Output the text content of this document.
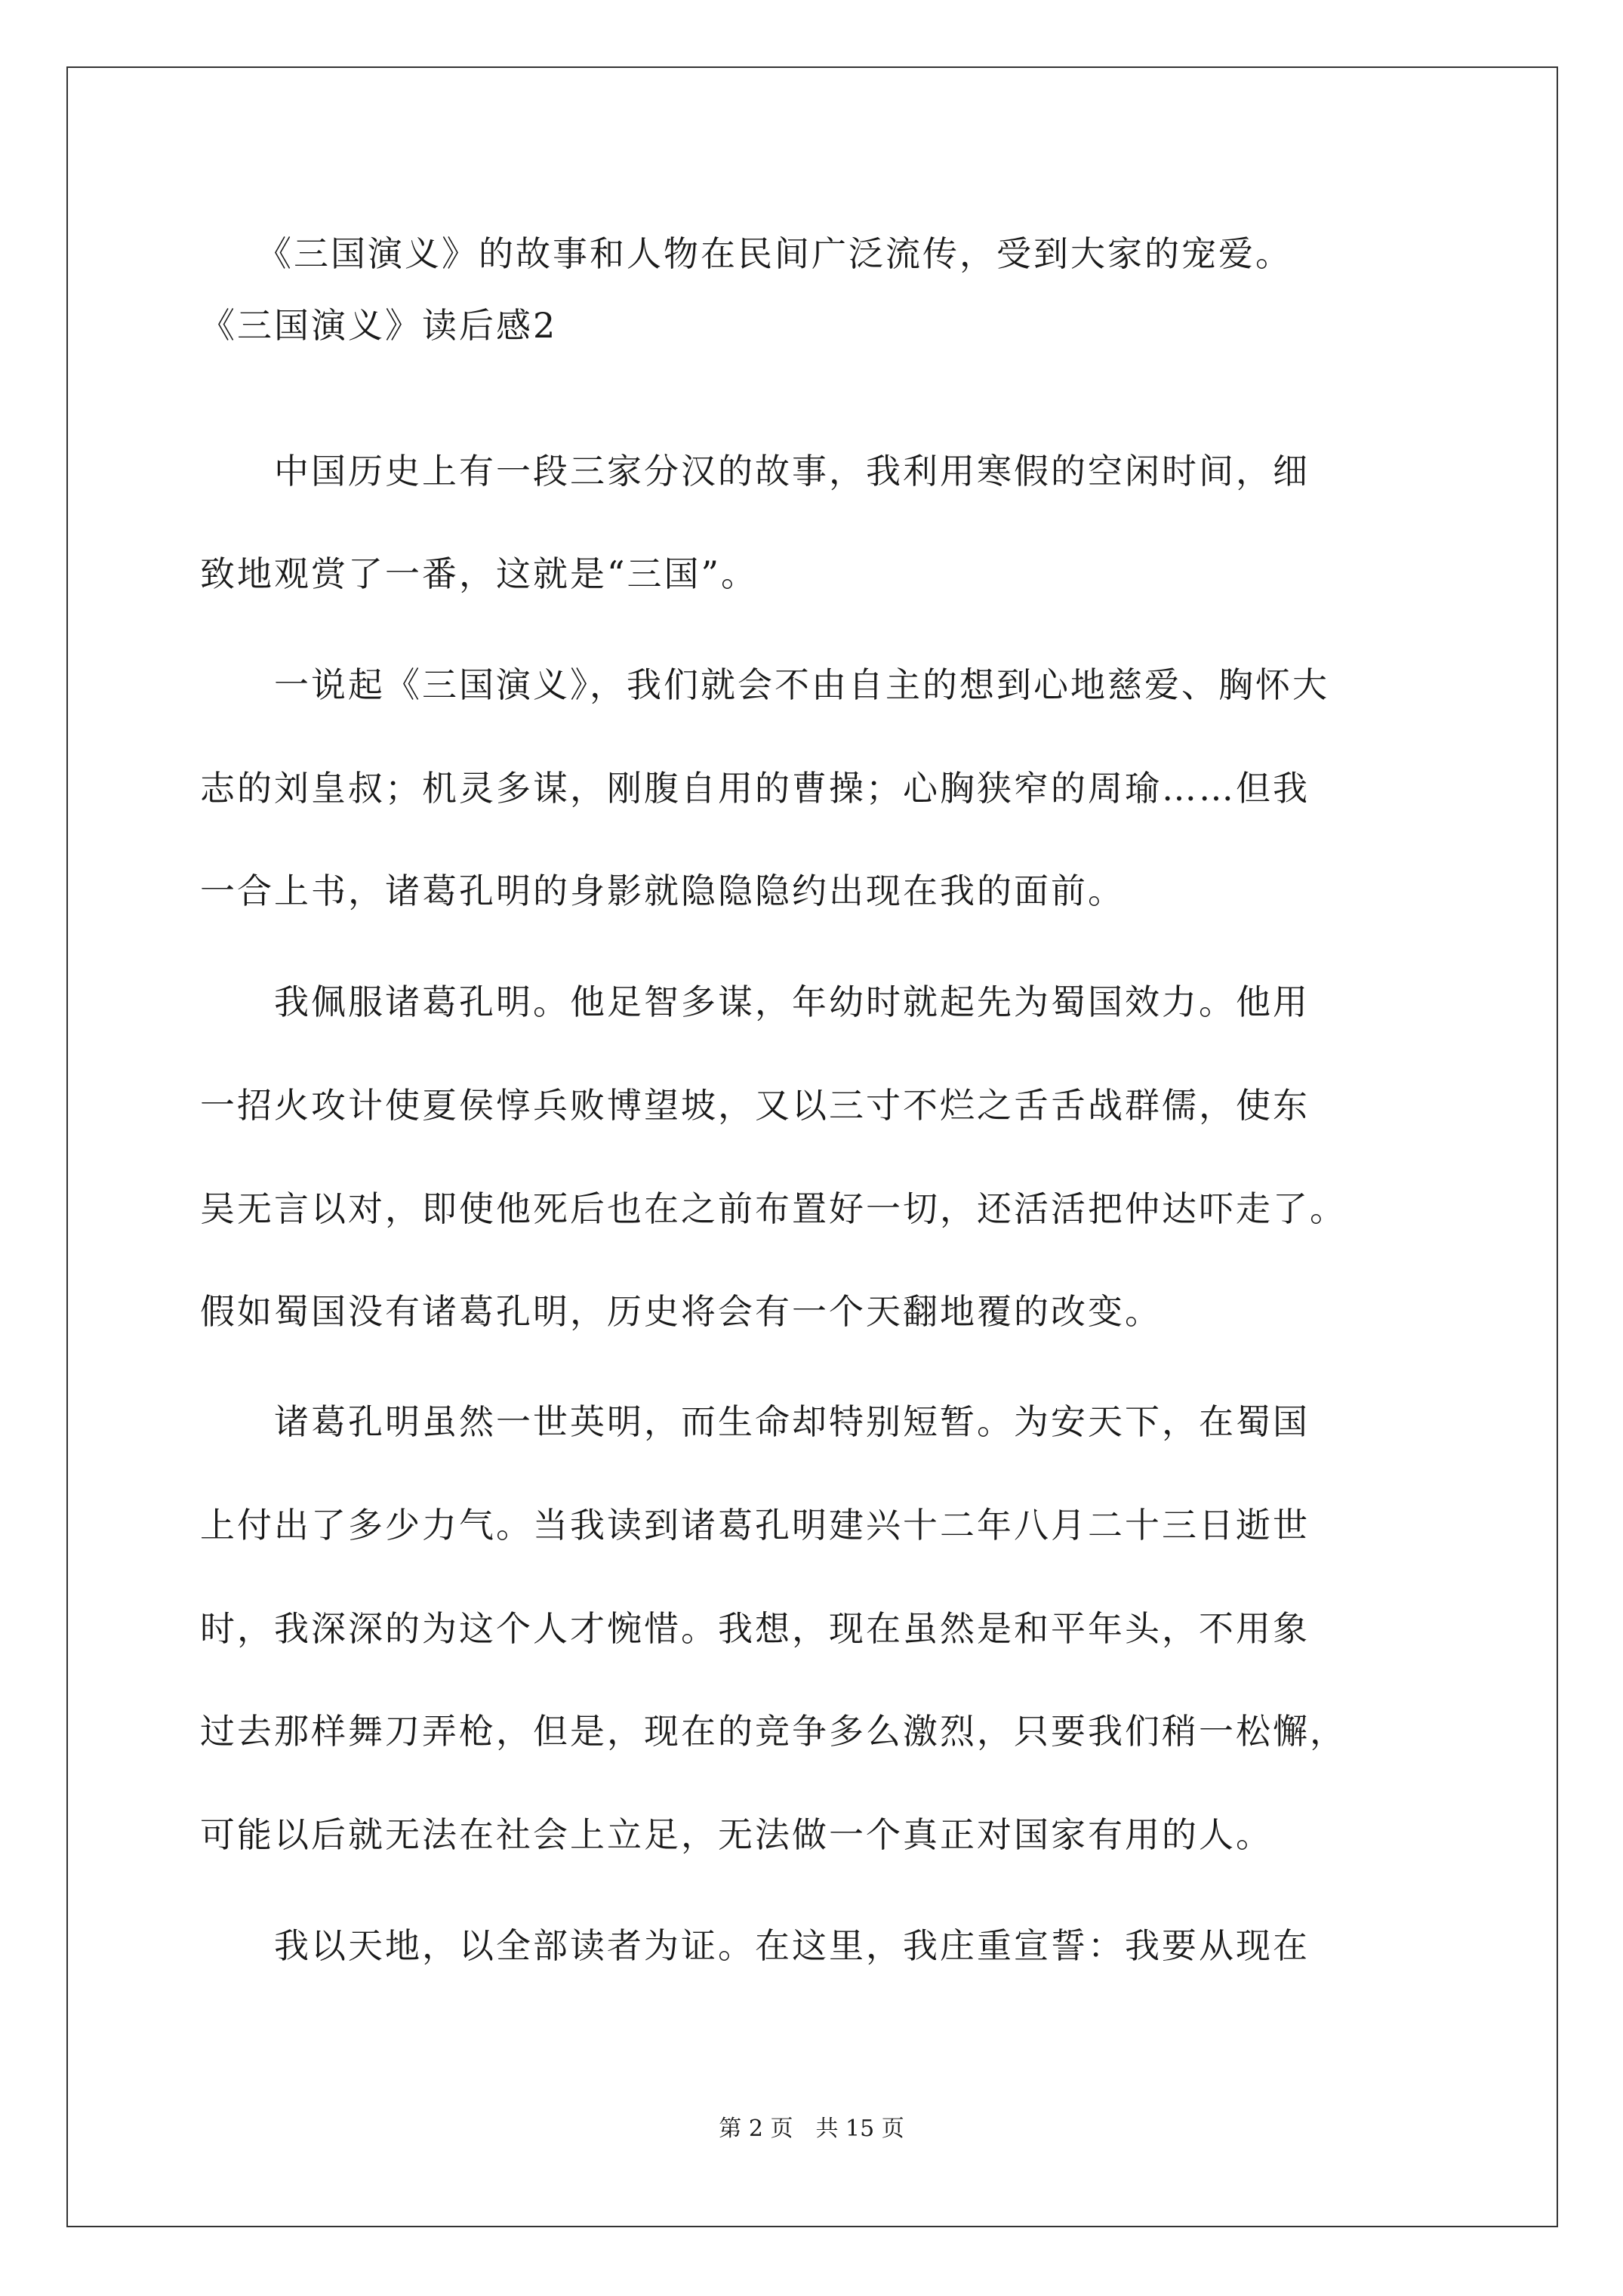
　　《三国演义》的故事和人物在民间广泛流传，受到大家的宠爱。
《三国演义》读后感2
　　中国历史上有一段三家分汉的故事，我利用寒假的空闲时间，细
致地观赏了一番，这就是“三国”。
　　一说起《三国演义》，我们就会不由自主的想到心地慈爱、胸怀大
志的刘皇叔；机灵多谋，刚腹自用的曹操；心胸狭窄的周瑜……但我
一合上书，诸葛孔明的身影就隐隐隐约出现在我的面前。
　　我佩服诸葛孔明。他足智多谋，年幼时就起先为蜀国效力。他用
一招火攻计使夏侯惇兵败博望坡，又以三寸不烂之舌舌战群儒，使东
吴无言以对，即使他死后也在之前布置好一切，还活活把仲达吓走了。
假如蜀国没有诸葛孔明，历史将会有一个天翻地覆的改变。
　　诸葛孔明虽然一世英明，而生命却特别短暂。为安天下，在蜀国
上付出了多少力气。当我读到诸葛孔明建兴十二年八月二十三日逝世
时，我深深的为这个人才惋惜。我想，现在虽然是和平年头，不用象
过去那样舞刀弄枪，但是，现在的竞争多么激烈，只要我们稍一松懈，
可能以后就无法在社会上立足，无法做一个真正对国家有用的人。
　　我以天地，以全部读者为证。在这里，我庄重宣誓：我要从现在
第 2 页　共 15 页
